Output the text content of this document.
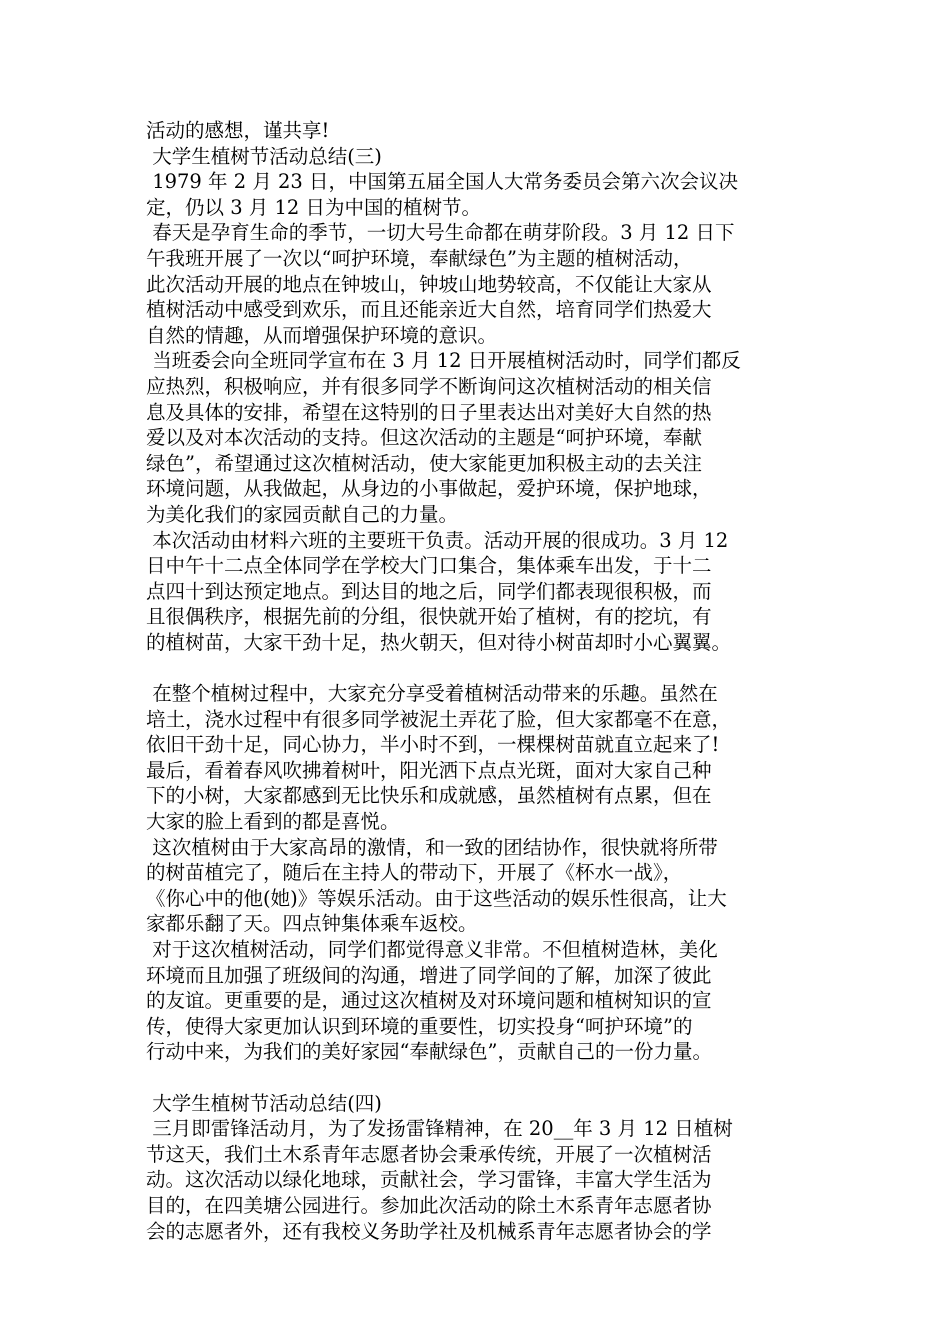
活动的感想，谨共享!
大学生植树节活动总结(三)
1979 年 2 月 23 日，中国第五届全国人大常务委员会第六次会议决
定，仍以 3 月 12 日为中国的植树节。
春天是孕育生命的季节，一切大号生命都在萌芽阶段。3 月 12 日下
午我班开展了一次以“呵护环境，奉献绿色”为主题的植树活动，
此次活动开展的地点在钟坡山，钟坡山地势较高，不仅能让大家从
植树活动中感受到欢乐，而且还能亲近大自然，培育同学们热爱大
自然的情趣，从而增强保护环境的意识。
当班委会向全班同学宣布在 3 月 12 日开展植树活动时，同学们都反
应热烈，积极响应，并有很多同学不断询问这次植树活动的相关信
息及具体的安排，希望在这特别的日子里表达出对美好大自然的热
爱以及对本次活动的支持。但这次活动的主题是“呵护环境，奉献
绿色”，希望通过这次植树活动，使大家能更加积极主动的去关注
环境问题，从我做起，从身边的小事做起，爱护环境，保护地球，
为美化我们的家园贡献自己的力量。
本次活动由材料六班的主要班干负责。活动开展的很成功。3 月 12
日中午十二点全体同学在学校大门口集合，集体乘车出发，于十二
点四十到达预定地点。到达目的地之后，同学们都表现很积极，而
且很偶秩序，根据先前的分组，很快就开始了植树，有的挖坑，有
的植树苗，大家干劲十足，热火朝天，但对待小树苗却时小心翼翼。
在整个植树过程中，大家充分享受着植树活动带来的乐趣。虽然在
培土，浇水过程中有很多同学被泥土弄花了脸，但大家都毫不在意，
依旧干劲十足，同心协力，半小时不到，一棵棵树苗就直立起来了!
最后，看着春风吹拂着树叶，阳光洒下点点光斑，面对大家自己种
下的小树，大家都感到无比快乐和成就感，虽然植树有点累，但在
大家的脸上看到的都是喜悦。
这次植树由于大家高昂的激情，和一致的团结协作，很快就将所带
的树苗植完了，随后在主持人的带动下，开展了《杯水一战》，
《你心中的他(她)》等娱乐活动。由于这些活动的娱乐性很高，让大
家都乐翻了天。四点钟集体乘车返校。
对于这次植树活动，同学们都觉得意义非常。不但植树造林，美化
环境而且加强了班级间的沟通，增进了同学间的了解，加深了彼此
的友谊。更重要的是，通过这次植树及对环境问题和植树知识的宣
传，使得大家更加认识到环境的重要性，切实投身“呵护环境”的
行动中来，为我们的美好家园“奉献绿色”，贡献自己的一份力量。
大学生植树节活动总结(四)
三月即雷锋活动月，为了发扬雷锋精神，在 20__年 3 月 12 日植树
节这天，我们土木系青年志愿者协会秉承传统，开展了一次植树活
动。这次活动以绿化地球，贡献社会，学习雷锋，丰富大学生活为
目的，在四美塘公园进行。参加此次活动的除土木系青年志愿者协
会的志愿者外，还有我校义务助学社及机械系青年志愿者协会的学
